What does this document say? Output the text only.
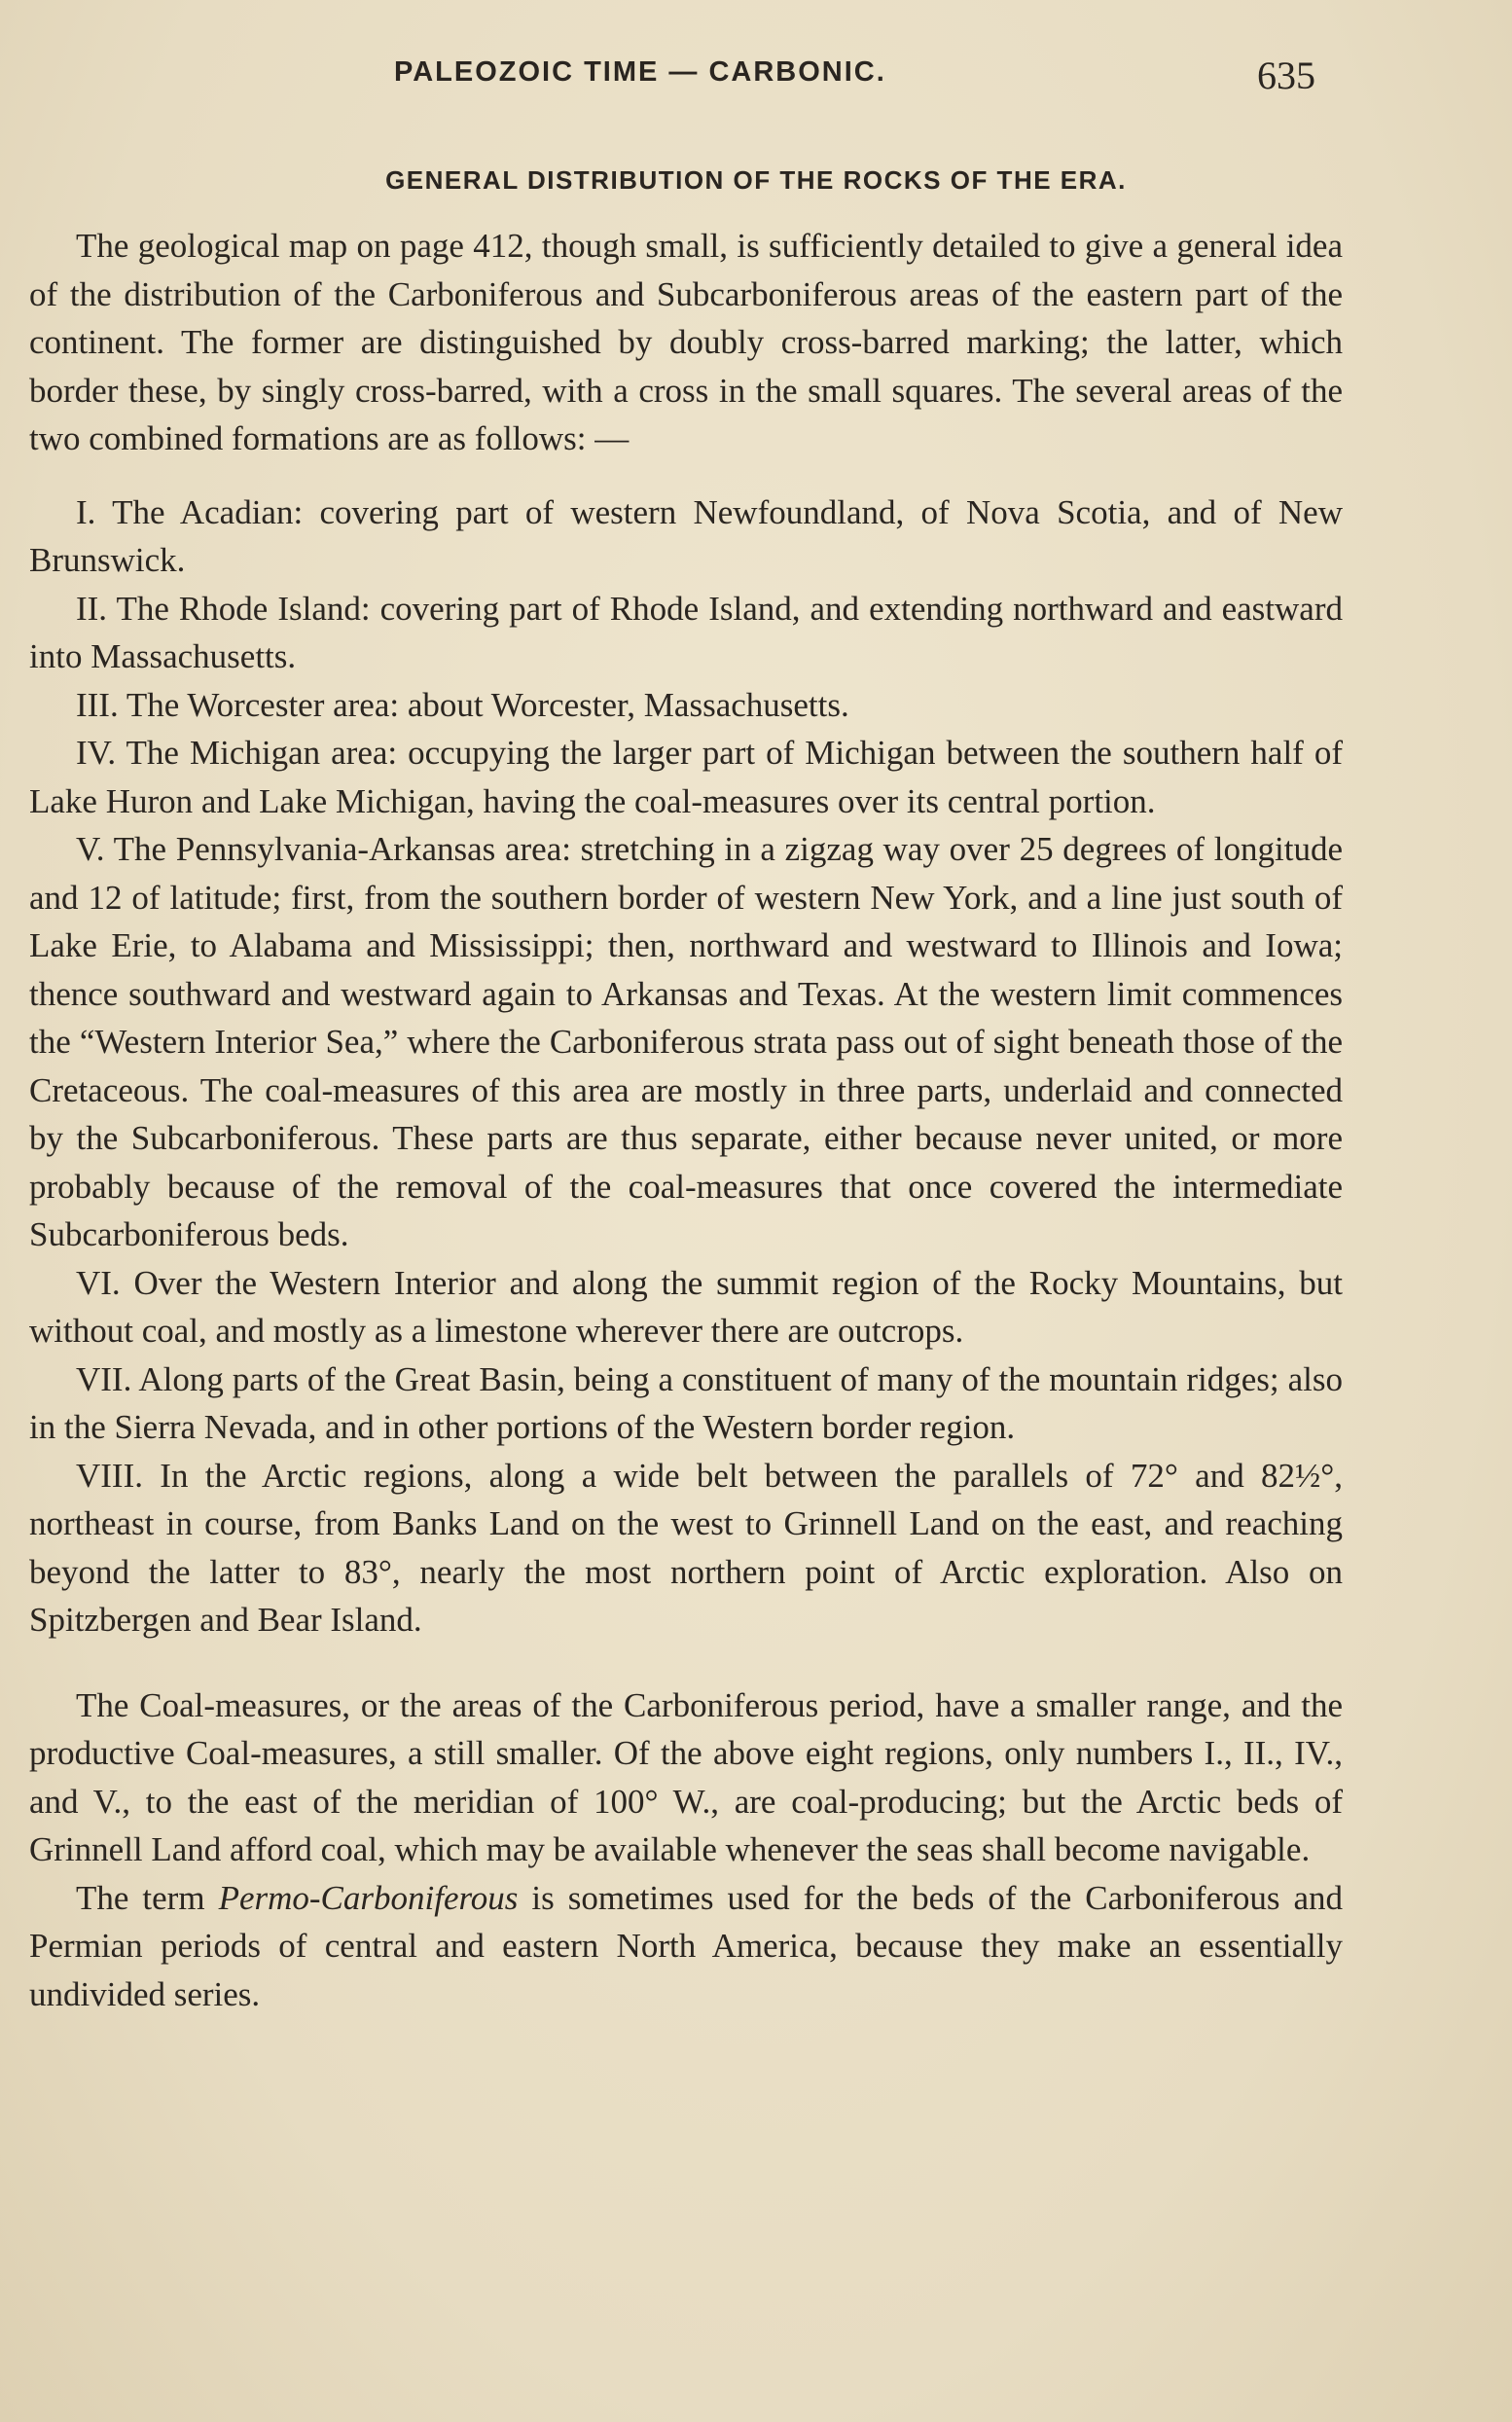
PALEOZOIC TIME — CARBONIC.	635
GENERAL DISTRIBUTION OF THE ROCKS OF THE ERA.

The geological map on page 412, though small, is sufficiently detailed to give a general idea of the distribution of the Carboniferous and Subcarboniferous areas of the eastern part of the continent. The former are distinguished by doubly cross-barred marking; the latter, which border these, by singly cross-barred, with a cross in the small squares. The several areas of the two combined formations are as follows: —

I. The Acadian: covering part of western Newfoundland, of Nova Scotia, and of New Brunswick.

II. The Rhode Island: covering part of Rhode Island, and extending northward and eastward into Massachusetts.

III. The Worcester area: about Worcester, Massachusetts.

IV. The Michigan area: occupying the larger part of Michigan between the southern half of Lake Huron and Lake Michigan, having the coal-measures over its central portion.

V. The Pennsylvania-Arkansas area: stretching in a zigzag way over 25 degrees of longitude and 12 of latitude; first, from the southern border of western New York, and a line just south of Lake Erie, to Alabama and Mississippi; then, northward and westward to Illinois and Iowa; thence southward and westward again to Arkansas and Texas. At the western limit commences the “Western Interior Sea,” where the Carboniferous strata pass out of sight beneath those of the Cretaceous. The coal-measures of this area are mostly in three parts, underlaid and connected by the Subcarboniferous. These parts are thus separate, either because never united, or more probably because of the removal of the coal-measures that once covered the intermediate Subcarboniferous beds.

VI. Over the Western Interior and along the summit region of the Rocky Mountains, but without coal, and mostly as a limestone wherever there are outcrops.

VII. Along parts of the Great Basin, being a constituent of many of the mountain ridges; also in the Sierra Nevada, and in other portions of the Western border region.

VIII. In the Arctic regions, along a wide belt between the parallels of 72° and 82½°, northeast in course, from Banks Land on the west to Grinnell Land on the east, and reaching beyond the latter to 83°, nearly the most northern point of Arctic exploration. Also on Spitzbergen and Bear Island.

The Coal-measures, or the areas of the Carboniferous period, have a smaller range, and the productive Coal-measures, a still smaller. Of the above eight regions, only numbers I., II., IV., and V., to the east of the meridian of 100° W., are coal-producing; but the Arctic beds of Grinnell Land afford coal, which may be available whenever the seas shall become navigable.

The term Permo-Carboniferous is sometimes used for the beds of the Carboniferous and Permian periods of central and eastern North America, because they make an essentially undivided series.
